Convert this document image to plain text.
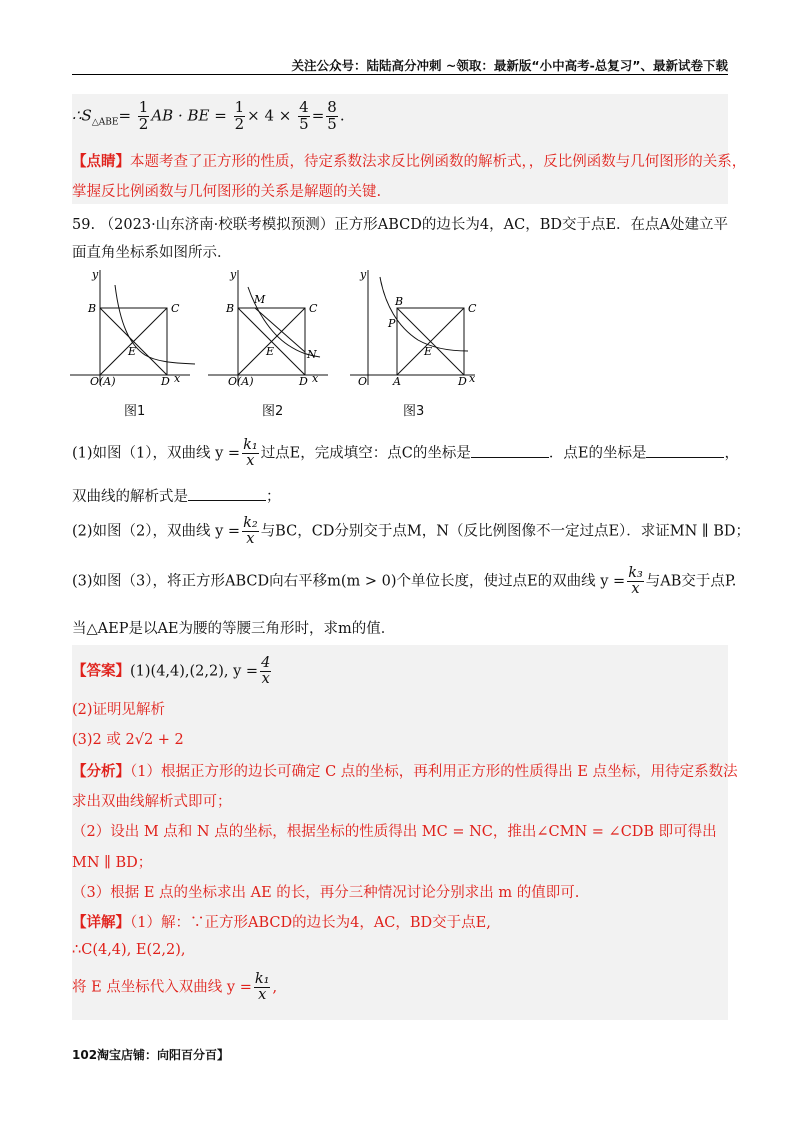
关注公众号：陆陆高分冲刺 ~领取：最新版“小中高考-总复习”、最新试卷下载
$\therefore S_{\triangle ABE}= \frac{1}{2}$ AB · BE = $\frac{1}{2} \times 4 \times \frac{4}{5} = \frac{8}{5}$ .
【点睛】本题考查了正方形的性质，待定系数法求反比例函数的解析式，，反比例函数与几何图形的关系，
掌握反比例函数与几何图形的关系是解题的关键.
59. （2023·山东济南·校联考模拟预测）正方形ABCD的边长为4，AC，BD交于点E．在点A处建立平
面直角坐标系如图所示．
y
B	C
E
O(A)	D x
y
B
M
C
E	N
O(A)	D x
y
B
C
P
E
O A	D x
图1	图2	图3
(1)如图（1），双曲线 $y = \frac{\text{k₁}}{x}$ 过点E，完成填空：点C的坐标是	．点E的坐标是	，
双曲线的解析式是	；
(2)如图（2），双曲线 $y = \frac{\text{k₂}}{x}$ 与BC，CD分别交于点M，N（反比例图像不一定过点E）．求证MN ∥ BD；
(3)如图（3），将正方形ABCD向右平移m(m > 0)个单位长度，使过点E的双曲线 $y = \frac{\text{k₃}}{x}$ 与AB交于点P.
当△AEP是以AE为腰的等腰三角形时，求m的值．
【答案】(1)(4,4),(2,2), $y = \frac{4}{x}$
(2)证明见解析
(3)2 或 2√2 + 2
【分析】（1）根据正方形的边长可确定 C 点的坐标，再利用正方形的性质得出 E 点坐标，用待定系数法
求出双曲线解析式即可；
（2）设出 M 点和 N 点的坐标，根据坐标的性质得出 MC = NC，推出∠CMN = ∠CDB 即可得出
MN ∥ BD；
（3）根据 E 点的坐标求出 AE 的长，再分三种情况讨论分别求出 m 的值即可.
【详解】（1）解：∵正方形ABCD的边长为4，AC，BD交于点E,
∴C(4,4), E(2,2),
将 E 点坐标代入双曲线 $y = \frac{\text{k₁}}{x}$ ,
102淘宝店铺：向阳百分百】
